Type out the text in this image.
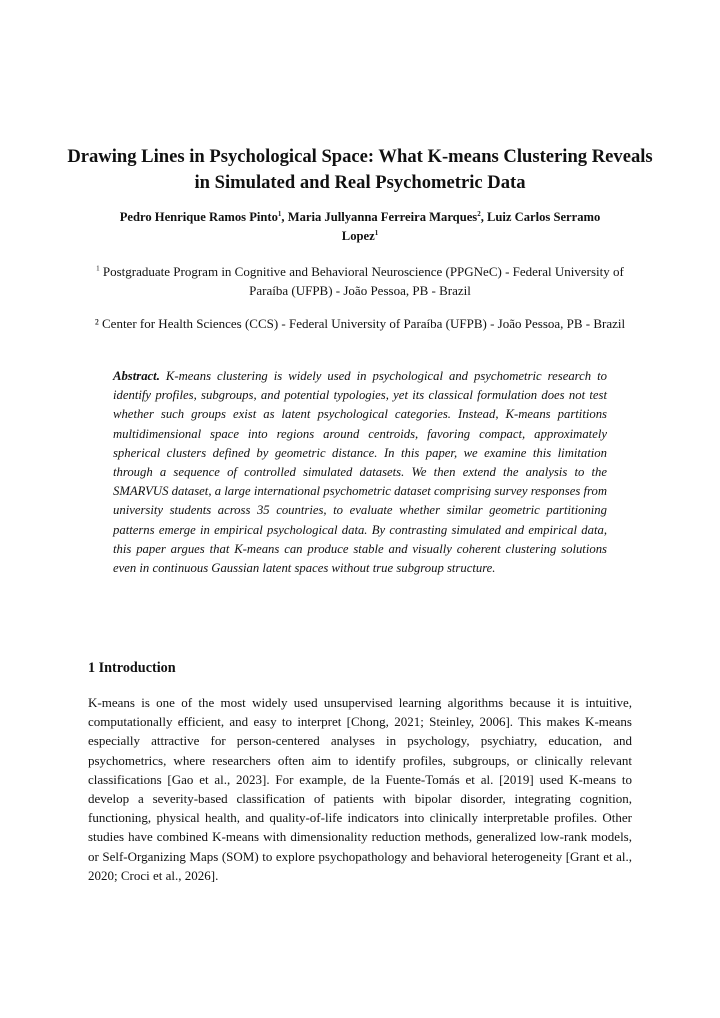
Drawing Lines in Psychological Space: What K-means Clustering Reveals in Simulated and Real Psychometric Data

Pedro Henrique Ramos Pinto$^1$, Maria Jullyanna Ferreira Marques$^2$, Luiz Carlos Serramo Lopez$^1$

$^1$ Postgraduate Program in Cognitive and Behavioral Neuroscience (PPGNeC) - Federal University of Paraíba (UFPB) - João Pessoa, PB - Brazil

² Center for Health Sciences (CCS) - Federal University of Paraíba (UFPB) - João Pessoa, PB - Brazil

Abstract. K-means clustering is widely used in psychological and psychometric research to identify profiles, subgroups, and potential typologies, yet its classical formulation does not test whether such groups exist as latent psychological categories. Instead, K-means partitions multidimensional space into regions around centroids, favoring compact, approximately spherical clusters defined by geometric distance. In this paper, we examine this limitation through a sequence of controlled simulated datasets. We then extend the analysis to the SMARVUS dataset, a large international psychometric dataset comprising survey responses from university students across 35 countries, to evaluate whether similar geometric partitioning patterns emerge in empirical psychological data. By contrasting simulated and empirical data, this paper argues that K-means can produce stable and visually coherent clustering solutions even in continuous Gaussian latent spaces without true subgroup structure.

1 Introduction

K-means is one of the most widely used unsupervised learning algorithms because it is intuitive, computationally efficient, and easy to interpret [Chong, 2021; Steinley, 2006]. This makes K-means especially attractive for person-centered analyses in psychology, psychiatry, education, and psychometrics, where researchers often aim to identify profiles, subgroups, or clinically relevant classifications [Gao et al., 2023]. For example, de la Fuente-Tomás et al. [2019] used K-means to develop a severity-based classification of patients with bipolar disorder, integrating cognition, functioning, physical health, and quality-of-life indicators into clinically interpretable profiles. Other studies have combined K-means with dimensionality reduction methods, generalized low-rank models, or Self-Organizing Maps (SOM) to explore psychopathology and behavioral heterogeneity [Grant et al., 2020; Croci et al., 2026].
